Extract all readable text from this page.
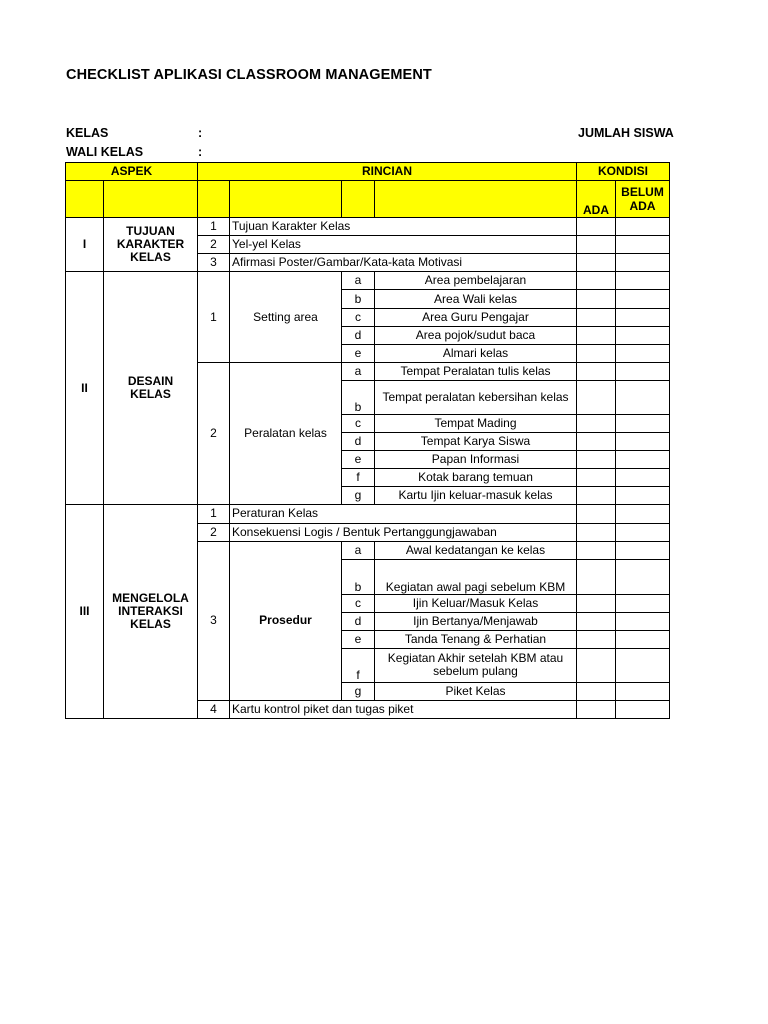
CHECKLIST APLIKASI CLASSROOM MANAGEMENT
KELAS	:
WALI KELAS	:
JUMLAH SISWA
ASPEK		RINCIAN				KONDISI	
						ADA	BELUM ADA
I	TUJUAN KARAKTER KELAS	1	Tujuan Karakter Kelas				
		2	Yel-yel Kelas				
		3	Afirmasi Poster/Gambar/Kata-kata Motivasi				
II	DESAIN KELAS	1	Setting area	a	Area pembelajaran		
				b	Area Wali kelas		
				c	Area Guru Pengajar		
				d	Area pojok/sudut baca		
				e	Almari kelas		
		2	Peralatan kelas	a	Tempat Peralatan tulis kelas		
				b	Tempat peralatan kebersihan kelas		
				c	Tempat Mading		
				d	Tempat Karya Siswa		
				e	Papan Informasi		
				f	Kotak barang temuan		
				g	Kartu Ijin keluar-masuk kelas		
III	MENGELOLA INTERAKSI KELAS	1	Peraturan Kelas				
		2	Konsekuensi Logis / Bentuk Pertanggungjawaban				
		3	Prosedur	a	Awal kedatangan ke kelas		
				b	Kegiatan awal pagi sebelum KBM		
				c	Ijin Keluar/Masuk Kelas		
				d	Ijin Bertanya/Menjawab		
				e	Tanda Tenang & Perhatian		
				f	Kegiatan Akhir setelah KBM atau sebelum pulang		
				g	Piket Kelas		
		4	Kartu kontrol piket dan tugas piket				
